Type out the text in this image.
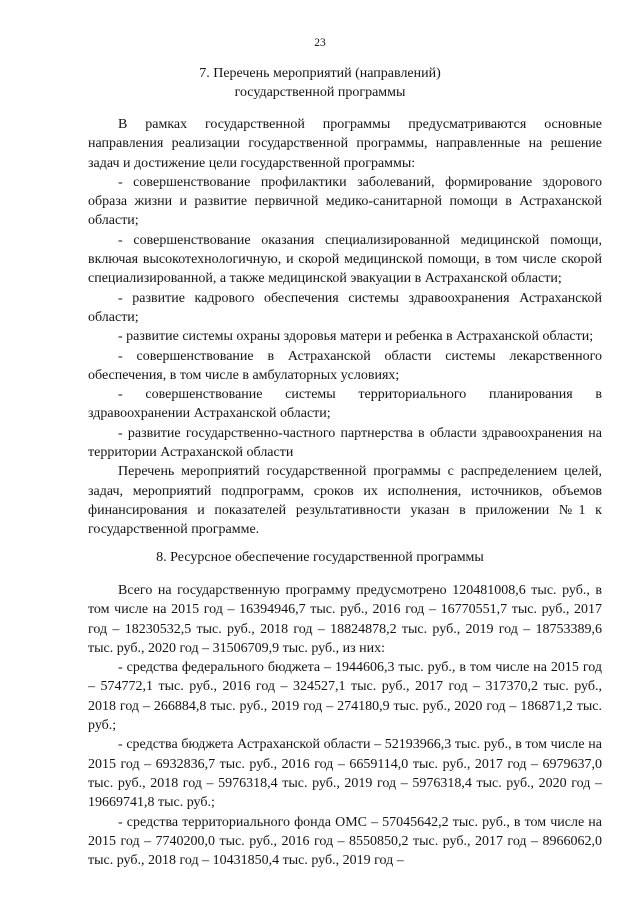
23
7. Перечень мероприятий (направлений)
государственной программы

В рамках государственной программы предусматриваются основные направления реализации государственной программы, направленные на решение задач и достижение цели государственной программы:

- совершенствование профилактики заболеваний, формирование здорового образа жизни и развитие первичной медико-санитарной помощи в Астраханской области;

- совершенствование оказания специализированной медицинской помощи, включая высокотехнологичную, и скорой медицинской помощи, в том числе скорой специализированной, а также медицинской эвакуации в Астраханской области;

- развитие кадрового обеспечения системы здравоохранения Астраханской области;

- развитие системы охраны здоровья матери и ребенка в Астраханской области;

- совершенствование в Астраханской области системы лекарственного обеспечения, в том числе в амбулаторных условиях;

- совершенствование системы территориального планирования в здравоохранении Астраханской области;

- развитие государственно-частного партнерства в области здравоохранения на территории Астраханской области

Перечень мероприятий государственной программы с распределением целей, задач, мероприятий подпрограмм, сроков их исполнения, источников, объемов финансирования и показателей результативности указан в приложении №1 к государственной программе.

8. Ресурсное обеспечение государственной программы

Всего на государственную программу предусмотрено 120481008,6 тыс. руб., в том числе на 2015 год – 16394946,7 тыс. руб., 2016 год – 16770551,7 тыс. руб., 2017 год – 18230532,5 тыс. руб., 2018 год – 18824878,2 тыс. руб., 2019 год – 18753389,6 тыс. руб., 2020 год – 31506709,9 тыс. руб., из них:

- средства федерального бюджета – 1944606,3 тыс. руб., в том числе на 2015 год – 574772,1 тыс. руб., 2016 год – 324527,1 тыс. руб., 2017 год – 317370,2 тыс. руб., 2018 год – 266884,8 тыс. руб., 2019 год – 274180,9 тыс. руб., 2020 год – 186871,2 тыс. руб.;

- средства бюджета Астраханской области – 52193966,3 тыс. руб., в том числе на 2015 год – 6932836,7 тыс. руб., 2016 год – 6659114,0 тыс. руб., 2017 год – 6979637,0 тыс. руб., 2018 год – 5976318,4 тыс. руб., 2019 год – 5976318,4 тыс. руб., 2020 год – 19669741,8 тыс. руб.;

- средства территориального фонда ОМС – 57045642,2 тыс. руб., в том числе на 2015 год – 7740200,0 тыс. руб., 2016 год – 8550850,2 тыс. руб., 2017 год – 8966062,0 тыс. руб., 2018 год – 10431850,4 тыс. руб., 2019 год –
